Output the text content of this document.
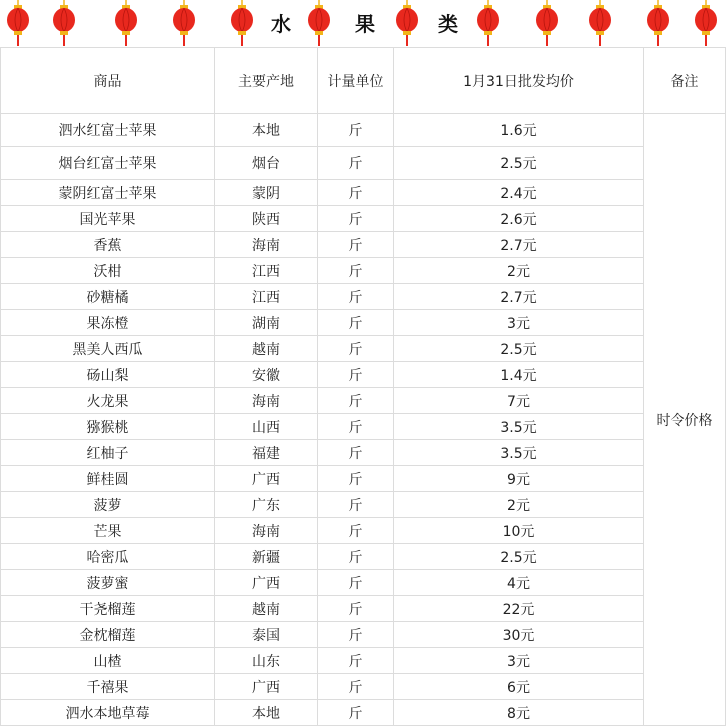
水	果	类
商品	主要产地	计量单位	1月31日批发均价	备注
泗水红富士苹果	本地	斤	1.6元	时令价格
烟台红富士苹果	烟台	斤	2.5元	
蒙阴红富士苹果	蒙阴	斤	2.4元	
国光苹果	陕西	斤	2.6元	
香蕉	海南	斤	2.7元	
沃柑	江西	斤	2元	
砂糖橘	江西	斤	2.7元	
果冻橙	湖南	斤	3元	
黑美人西瓜	越南	斤	2.5元	
砀山梨	安徽	斤	1.4元	
火龙果	海南	斤	7元	
猕猴桃	山西	斤	3.5元	
红柚子	福建	斤	3.5元	
鲜桂圆	广西	斤	9元	
菠萝	广东	斤	2元	
芒果	海南	斤	10元	
哈密瓜	新疆	斤	2.5元	
菠萝蜜	广西	斤	4元	
干尧榴莲	越南	斤	22元	
金枕榴莲	泰国	斤	30元	
山楂	山东	斤	3元	
千禧果	广西	斤	6元	
泗水本地草莓	本地	斤	8元	
